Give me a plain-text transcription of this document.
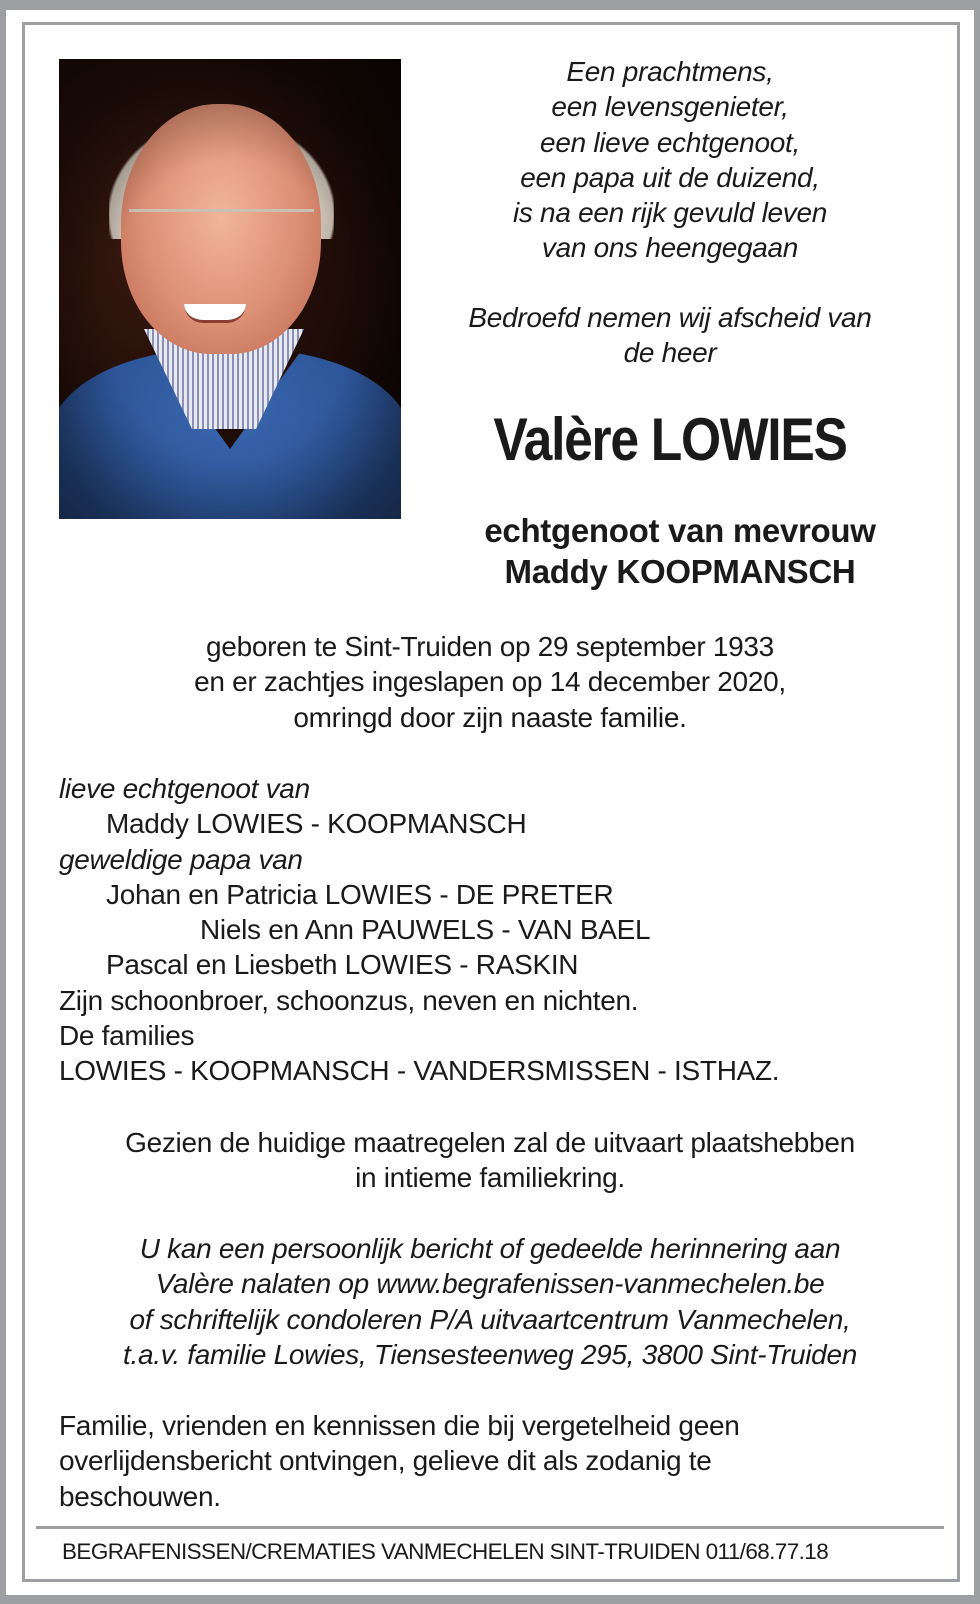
Een prachtmens,
een levensgenieter,
een lieve echtgenoot,
een papa uit de duizend,
is na een rijk gevuld leven
van ons heengegaan
Bedroefd nemen wij afscheid van
de heer
Valère LOWIES
echtgenoot van mevrouw
Maddy KOOPMANSCH
geboren te Sint-Truiden op 29 september 1933
en er zachtjes ingeslapen op 14 december 2020,
omringd door zijn naaste familie.
lieve echtgenoot van
Maddy LOWIES - KOOPMANSCH
geweldige papa van
Johan en Patricia LOWIES - DE PRETER
Niels en Ann PAUWELS - VAN BAEL
Pascal en Liesbeth LOWIES - RASKIN
Zijn schoonbroer, schoonzus, neven en nichten.
De families
LOWIES - KOOPMANSCH - VANDERSMISSEN - ISTHAZ.
Gezien de huidige maatregelen zal de uitvaart plaatshebben
in intieme familiekring.
U kan een persoonlijk bericht of gedeelde herinnering aan
Valère nalaten op www.begrafenissen-vanmechelen.be
of schriftelijk condoleren P/A uitvaartcentrum Vanmechelen,
t.a.v. familie Lowies, Tiensesteenweg 295, 3800 Sint-Truiden
Familie, vrienden en kennissen die bij vergetelheid geen
overlijdensbericht ontvingen, gelieve dit als zodanig te
beschouwen.
BEGRAFENISSEN/CREMATIES VANMECHELEN SINT-TRUIDEN 011/68.77.18
